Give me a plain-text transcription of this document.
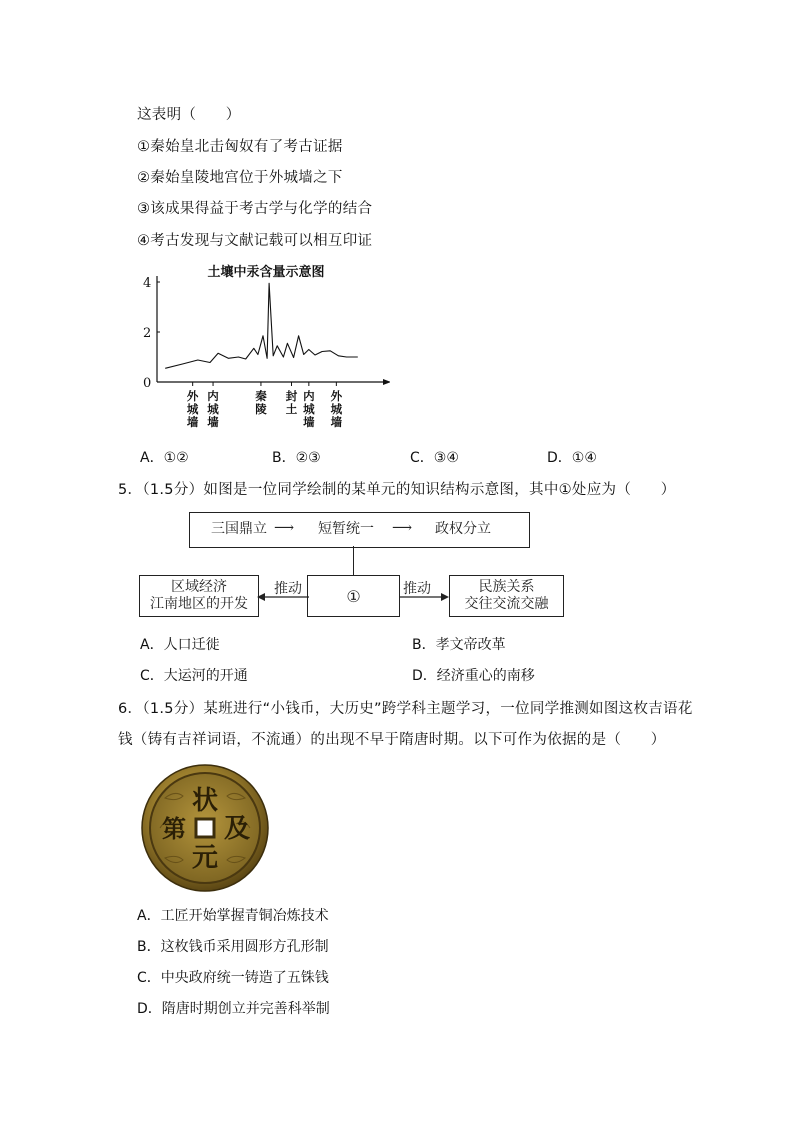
这表明（　　）
①秦始皇北击匈奴有了考古证据
②秦始皇陵地宫位于外城墙之下
③该成果得益于考古学与化学的结合
④考古发现与文献记载可以相互印证
土壤中汞含量示意图
0
2
4
外
城
墙
内
城
墙
秦
陵
封
土
内
城
墙
外
城
墙
A．①②	B．②③	C．③④	D．①④
5．（1.5分）如图是一位同学绘制的某单元的知识结构示意图，其中①处应为（　　）
三国鼎立 ⟶ 短暂统一 ⟶ 政权分立
区域经济
江南地区的开发	①	民族关系
交往交流交融
推动	推动
A．人口迁徙	B．孝文帝改革
C．大运河的开通	D．经济重心的南移
6．（1.5分）某班进行“小钱币，大历史”跨学科主题学习，一位同学推测如图这枚吉语花
钱（铸有吉祥词语，不流通）的出现不早于隋唐时期。以下可作为依据的是（　　）
状
及
元
第
A．工匠开始掌握青铜冶炼技术
B．这枚钱币采用圆形方孔形制
C．中央政府统一铸造了五铢钱
D．隋唐时期创立并完善科举制
